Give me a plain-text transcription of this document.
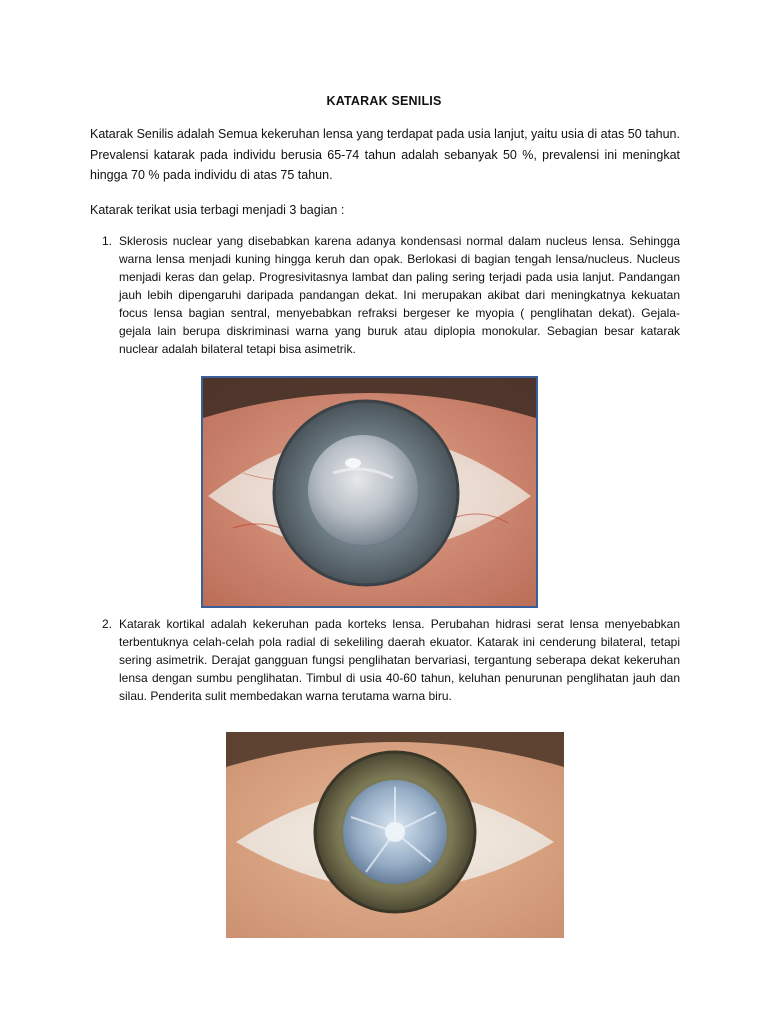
KATARAK SENILIS
Katarak Senilis adalah Semua kekeruhan lensa yang terdapat pada usia lanjut, yaitu usia di atas 50 tahun. Prevalensi katarak pada individu berusia 65-74 tahun adalah sebanyak 50 %, prevalensi ini meningkat hingga 70 % pada individu di atas 75 tahun.
Katarak terikat usia terbagi menjadi 3 bagian :
1. Sklerosis nuclear yang disebabkan karena adanya kondensasi normal dalam nucleus lensa. Sehingga warna lensa menjadi kuning hingga keruh dan opak. Berlokasi di bagian tengah lensa/nucleus. Nucleus menjadi keras dan gelap. Progresivitasnya lambat dan paling sering terjadi pada usia lanjut. Pandangan jauh lebih dipengaruhi daripada pandangan dekat. Ini merupakan akibat dari meningkatnya kekuatan focus lensa bagian sentral, menyebabkan refraksi bergeser ke myopia ( penglihatan dekat). Gejala- gejala lain berupa diskriminasi warna yang buruk atau diplopia monokular. Sebagian besar katarak nuclear adalah bilateral tetapi bisa asimetrik.
2. Katarak kortikal adalah kekeruhan pada korteks lensa. Perubahan hidrasi serat lensa menyebabkan terbentuknya celah-celah pola radial di sekeliling daerah ekuator. Katarak ini cenderung bilateral, tetapi sering asimetrik. Derajat gangguan fungsi penglihatan bervariasi, tergantung seberapa dekat kekeruhan lensa dengan sumbu penglihatan. Timbul di usia 40-60 tahun, keluhan penurunan penglihatan jauh dan silau. Penderita sulit membedakan warna terutama warna biru.
